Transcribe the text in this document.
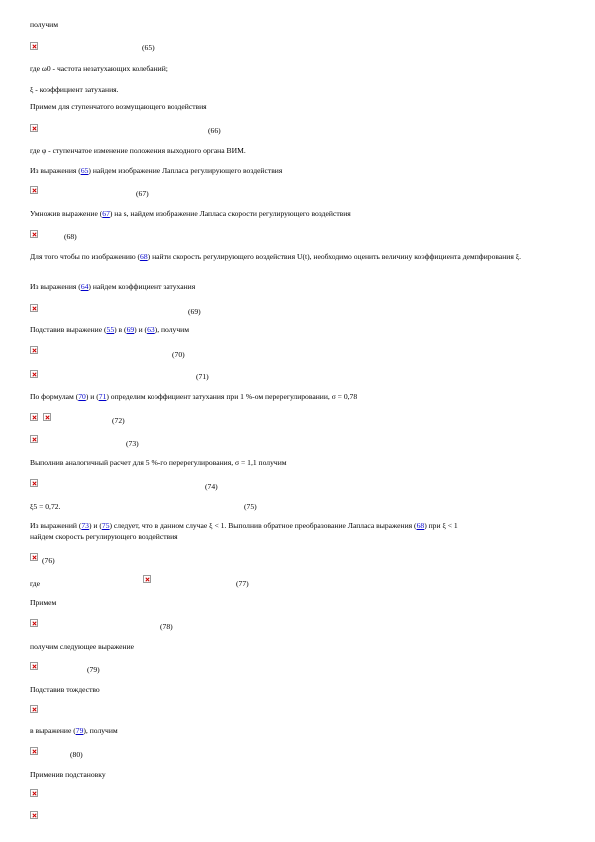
получим
(65)
где ω0 - частота незатухающих колебаний;
ξ - коэффициент затухания.
Примем для ступенчатого возмущающего воздействия
(66)
где φ - ступенчатое изменение положения выходного органа ВИМ.
Из выражения (65) найдем изображение Лапласа регулирующего воздействия
(67)
Умножив выражение (67) на s, найдем изображение Лапласа скорости регулирующего воздействия
(68)
Для того чтобы по изображению (68) найти скорость регулирующего воздействия U(t), необходимо оценить величину коэффициента демпфирования ξ.
Из выражения (64) найдем коэффициент затухания
(69)
Подставив выражение (55) в (69) и (63), получим
(70)
(71)
По формулам (70) и (71) определим коэффициент затухания при 1 %-ом перерегулировании, σ = 0,78
(72)
(73)
Выполнив аналогичный расчет для 5 %-го перерегулирования, σ = 1,1 получим
(74)
ξ5 = 0,72.	(75)
Из выражений (73) и (75) следует, что в данном случае ξ < 1. Выполнив обратное преобразование Лапласа выражения (68) при ξ < 1
найдем скорость регулирующего воздействия
(76)
где	(77)
Примем
(78)
получим следующее выражение
(79)
Подставив тождество
в выражение (79), получим
(80)
Применив подстановку
